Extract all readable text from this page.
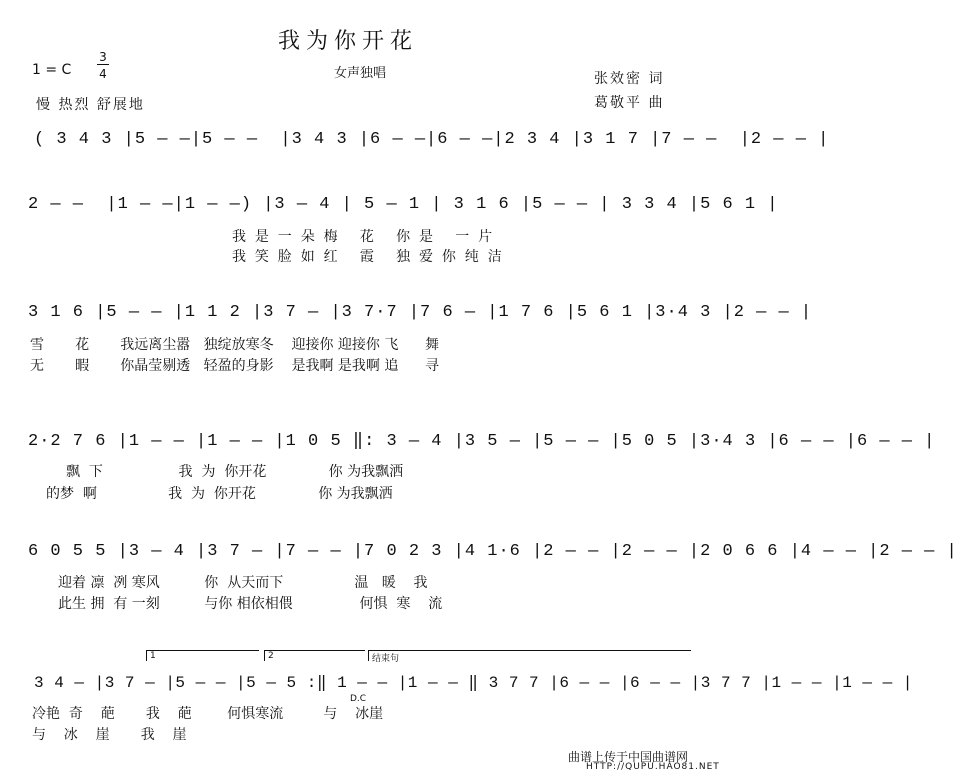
我为你开花
1 = C
3
4	女声独唱	张效密 词
葛敬平 曲
慢 热烈 舒展地
( 3 4 3 |5 — —|5 — —  |3 4 3 |6 — —|6 — —|2 3 4 |3 1 7 |7 — —  |2 — — |
2 — —  |1 — —|1 — —) |3 — 4 | 5 — 1 | 3 1 6 |5 — — | 3 3 4 |5 6 1 |
我  是  一  朵  梅     花     你  是     一  片
我  笑  脸  如  红     霞     独  爱  你  纯  洁
3 1 6 |5 — — |1 1 2 |3 7 — |3 7·7 |7 6 — |1 7 6 |5 6 1 |3·4 3 |2 — — |
雪       花       我远离尘嚣   独绽放寒冬    迎接你 迎接你 飞      舞
无       暇       你晶莹剔透   轻盈的身影    是我啊 是我啊 追      寻
2·2 7 6 |1 — — |1 — — |1 0 5 ‖: 3 — 4 |3 5 — |5 — — |5 0 5 |3·4 3 |6 — — |6 — — |
飘  下                 我  为  你开花              你 为我飘洒
的梦  啊                我  为  你开花              你 为我飘洒
6 0 5 5 |3 — 4 |3 7 — |7 — — |7 0 2 3 |4 1·6 |2 — — |2 — — |2 0 6 6 |4 — — |2 — — |
迎着 凛  冽 寒风          你  从天而下                温   暖    我
此生 拥  有 一刻          与你 相依相偎               何惧  寒    流
1	2	结束句
3 4 — |3 7 — |5 — — |5 — 5 :‖ 1 — — |1 — — ‖ 3 7 7 |6 — — |6 — — |3 7 7 |1 — — |1 — — |
D.C
冷艳  奇    葩       我    葩        何惧寒流         与    冰崖
与    冰    崖       我    崖
曲谱上传于中国曲谱网
HTTP://QUPU.HAO81.NET
